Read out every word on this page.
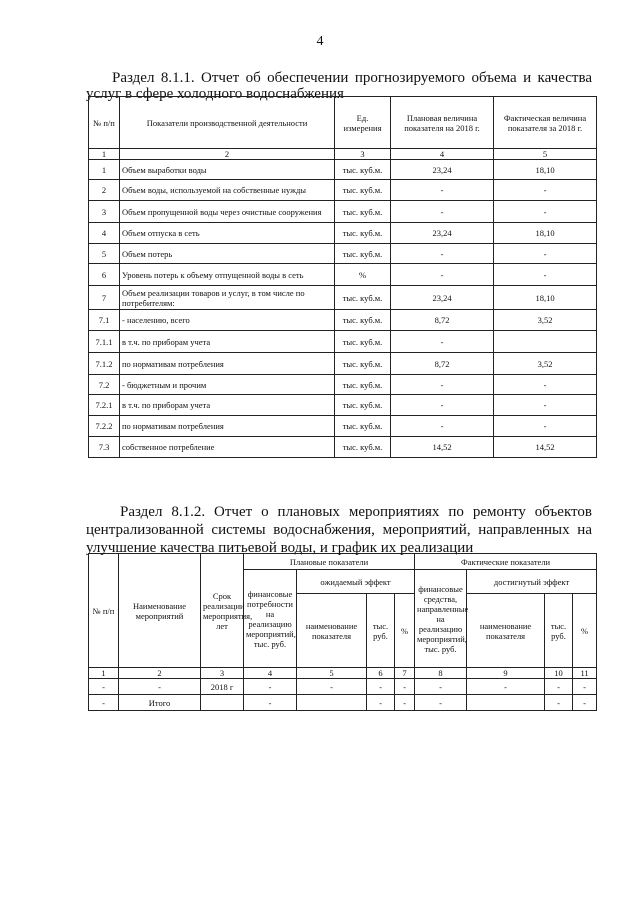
4
Раздел 8.1.1. Отчет об обеспечении прогнозируемого объема и качества
услуг в сфере холодного водоснабжения
№ п/п	Показатели производственной деятельности	Ед. измерения	Плановая величина показателя на 2018 г.	Фактическая величина показателя за 2018 г.
1	2	3	4	5
1	Объем выработки воды	тыс. куб.м.	23,24	18,10
2	Объем воды, используемой на собственные нужды	тыс. куб.м.	-	-
3	Объем пропущенной воды через очистные сооружения	тыс. куб.м.	-	-
4	Объем отпуска в сеть	тыс. куб.м.	23,24	18,10
5	Объем потерь	тыс. куб.м.	-	-
6	Уровень потерь к объему отпущенной воды в сеть	%	-	-
7	Объем реализации товаров и услуг, в том числе по потребителям:	тыс. куб.м.	23,24	18,10
7.1	- населению, всего	тыс. куб.м.	8,72	3,52
7.1.1	в т.ч. по приборам учета	тыс. куб.м.	-	
7.1.2	по нормативам потребления	тыс. куб.м.	8,72	3,52
7.2	- бюджетным и прочим	тыс. куб.м.	-	-
7.2.1	в т.ч. по приборам учета	тыс. куб.м.	-	-
7.2.2	по нормативам потребления	тыс. куб.м.	-	-
7.3	собственное потребление	тыс. куб.м.	14,52	14,52
Раздел 8.1.2. Отчет о плановых мероприятиях по ремонту объектов
централизованной системы водоснабжения, мероприятий, направленных на
улучшение качества питьевой воды, и график их реализации
№ п/п	Наименование мероприятий	Срок реализации мероприятия, лет	Плановые показатели				Фактические показатели			
			финансовые потребности на реализацию мероприятий, тыс. руб.	ожидаемый эффект			финансовые средства, направленные на реализацию мероприятий, тыс. руб.	достигнутый эффект		
				наименование показателя	тыс. руб.	%		наименование показателя	тыс. руб.	%
1	2	3	4	5	6	7	8	9	10	11
-	-	2018 г	-	-	-	-	-	-	-	-
-	Итого		-		-	-	-		-	-
